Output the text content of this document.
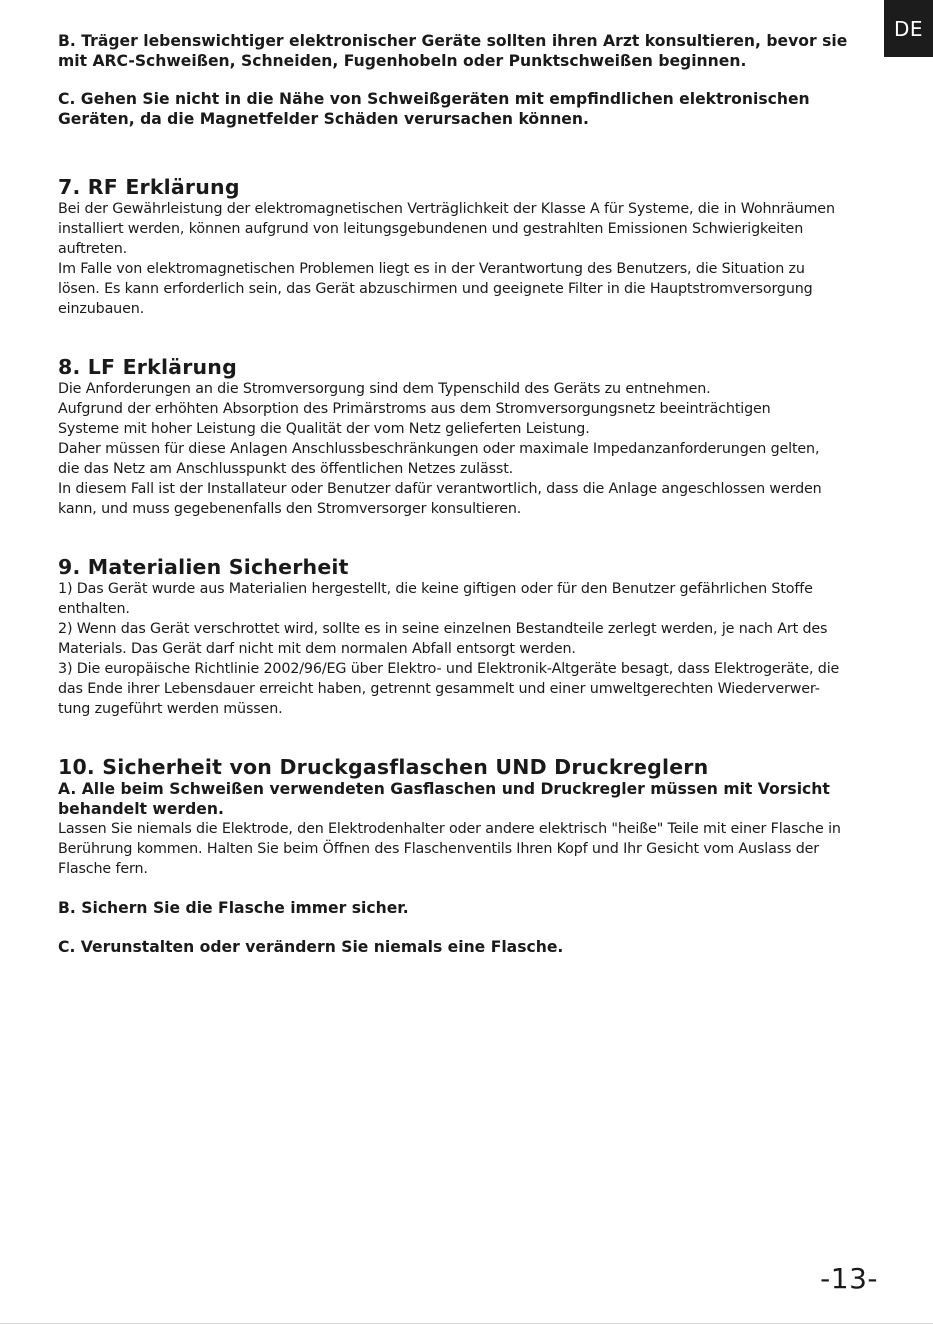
DE

B. Träger lebenswichtiger elektronischer Geräte sollten ihren Arzt konsultieren, bevor sie

mit ARC-Schweißen, Schneiden, Fugenhobeln oder Punktschweißen beginnen.

C. Gehen Sie nicht in die Nähe von Schweißgeräten mit empfindlichen elektronischen

Geräten, da die Magnetfelder Schäden verursachen können.

7. RF Erklärung

Bei der Gewährleistung der elektromagnetischen Verträglichkeit der Klasse A für Systeme, die in Wohnräumen

installiert werden, können aufgrund von leitungsgebundenen und gestrahlten Emissionen Schwierigkeiten

auftreten.

Im Falle von elektromagnetischen Problemen liegt es in der Verantwortung des Benutzers, die Situation zu

lösen. Es kann erforderlich sein, das Gerät abzuschirmen und geeignete Filter in die Hauptstromversorgung

einzubauen.

8. LF Erklärung

Die Anforderungen an die Stromversorgung sind dem Typenschild des Geräts zu entnehmen.

Aufgrund der erhöhten Absorption des Primärstroms aus dem Stromversorgungsnetz beeinträchtigen

Systeme mit hoher Leistung die Qualität der vom Netz gelieferten Leistung.

Daher müssen für diese Anlagen Anschlussbeschränkungen oder maximale Impedanzanforderungen gelten,

die das Netz am Anschlusspunkt des öffentlichen Netzes zulässt.

In diesem Fall ist der Installateur oder Benutzer dafür verantwortlich, dass die Anlage angeschlossen werden

kann, und muss gegebenenfalls den Stromversorger konsultieren.

9. Materialien Sicherheit

1) Das Gerät wurde aus Materialien hergestellt, die keine giftigen oder für den Benutzer gefährlichen Stoffe

enthalten.

2) Wenn das Gerät verschrottet wird, sollte es in seine einzelnen Bestandteile zerlegt werden, je nach Art des

Materials. Das Gerät darf nicht mit dem normalen Abfall entsorgt werden.

3) Die europäische Richtlinie 2002/96/EG über Elektro- und Elektronik-Altgeräte besagt, dass Elektrogeräte, die

das Ende ihrer Lebensdauer erreicht haben, getrennt gesammelt und einer umweltgerechten Wiederverwer-

tung zugeführt werden müssen.

10. Sicherheit von Druckgasflaschen UND Druckreglern

A. Alle beim Schweißen verwendeten Gasflaschen und Druckregler müssen mit Vorsicht

behandelt werden.

Lassen Sie niemals die Elektrode, den Elektrodenhalter oder andere elektrisch "heiße" Teile mit einer Flasche in

Berührung kommen. Halten Sie beim Öffnen des Flaschenventils Ihren Kopf und Ihr Gesicht vom Auslass der

Flasche fern.

B. Sichern Sie die Flasche immer sicher.

C. Verunstalten oder verändern Sie niemals eine Flasche.

-13-
